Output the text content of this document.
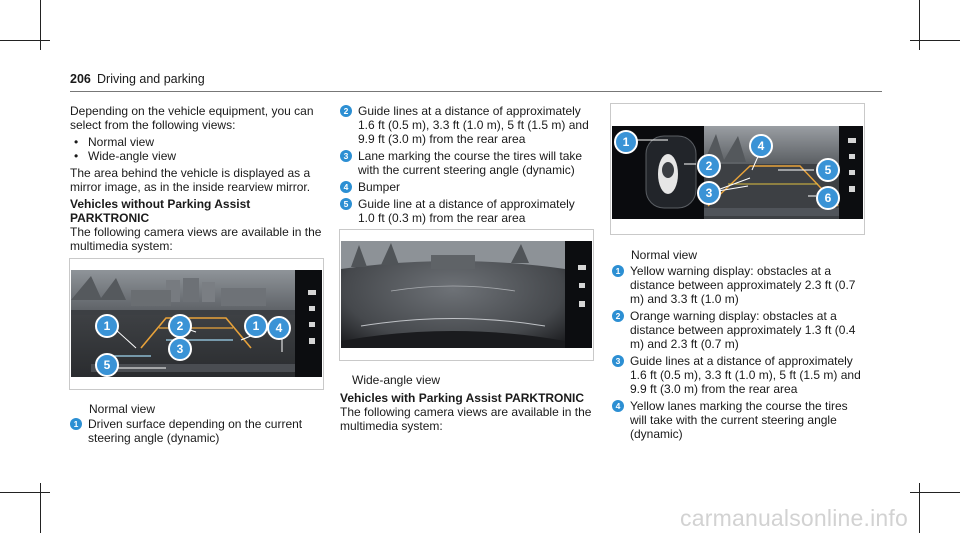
206 Driving and parking

Depending on the vehicle equipment, you can select from the following views:

• Normal view
• Wide-angle view

The area behind the vehicle is displayed as a mirror image, as in the inside rearview mirror.

Vehicles without Parking Assist PARKTRONIC

The following camera views are available in the multimedia system:

1	2	1	4
3
5
Normal view
1 Driven surface depending on the current steering angle (dynamic)
2 Guide lines at a distance of approximately 1.6 ft (0.5 m), 3.3 ft (1.0 m), 5 ft (1.5 m) and 9.9 ft (3.0 m) from the rear area
3 Lane marking the course the tires will take with the current steering angle (dynamic)
4 Bumper
5 Guide line at a distance of approximately 1.0 ft (0.3 m) from the rear area
Wide-angle view
Vehicles with Parking Assist PARKTRONIC

The following camera views are available in the multimedia system:

1	4
2	5
3	6
Normal view
1 Yellow warning display: obstacles at a distance between approximately 2.3 ft (0.7 m) and 3.3 ft (1.0 m)
2 Orange warning display: obstacles at a distance between approximately 1.3 ft (0.4 m) and 2.3 ft (0.7 m)
3 Guide lines at a distance of approximately 1.6 ft (0.5 m), 3.3 ft (1.0 m), 5 ft (1.5 m) and 9.9 ft (3.0 m) from the rear area
4 Yellow lanes marking the course the tires will take with the current steering angle (dynamic)
carmanualsonline.info
